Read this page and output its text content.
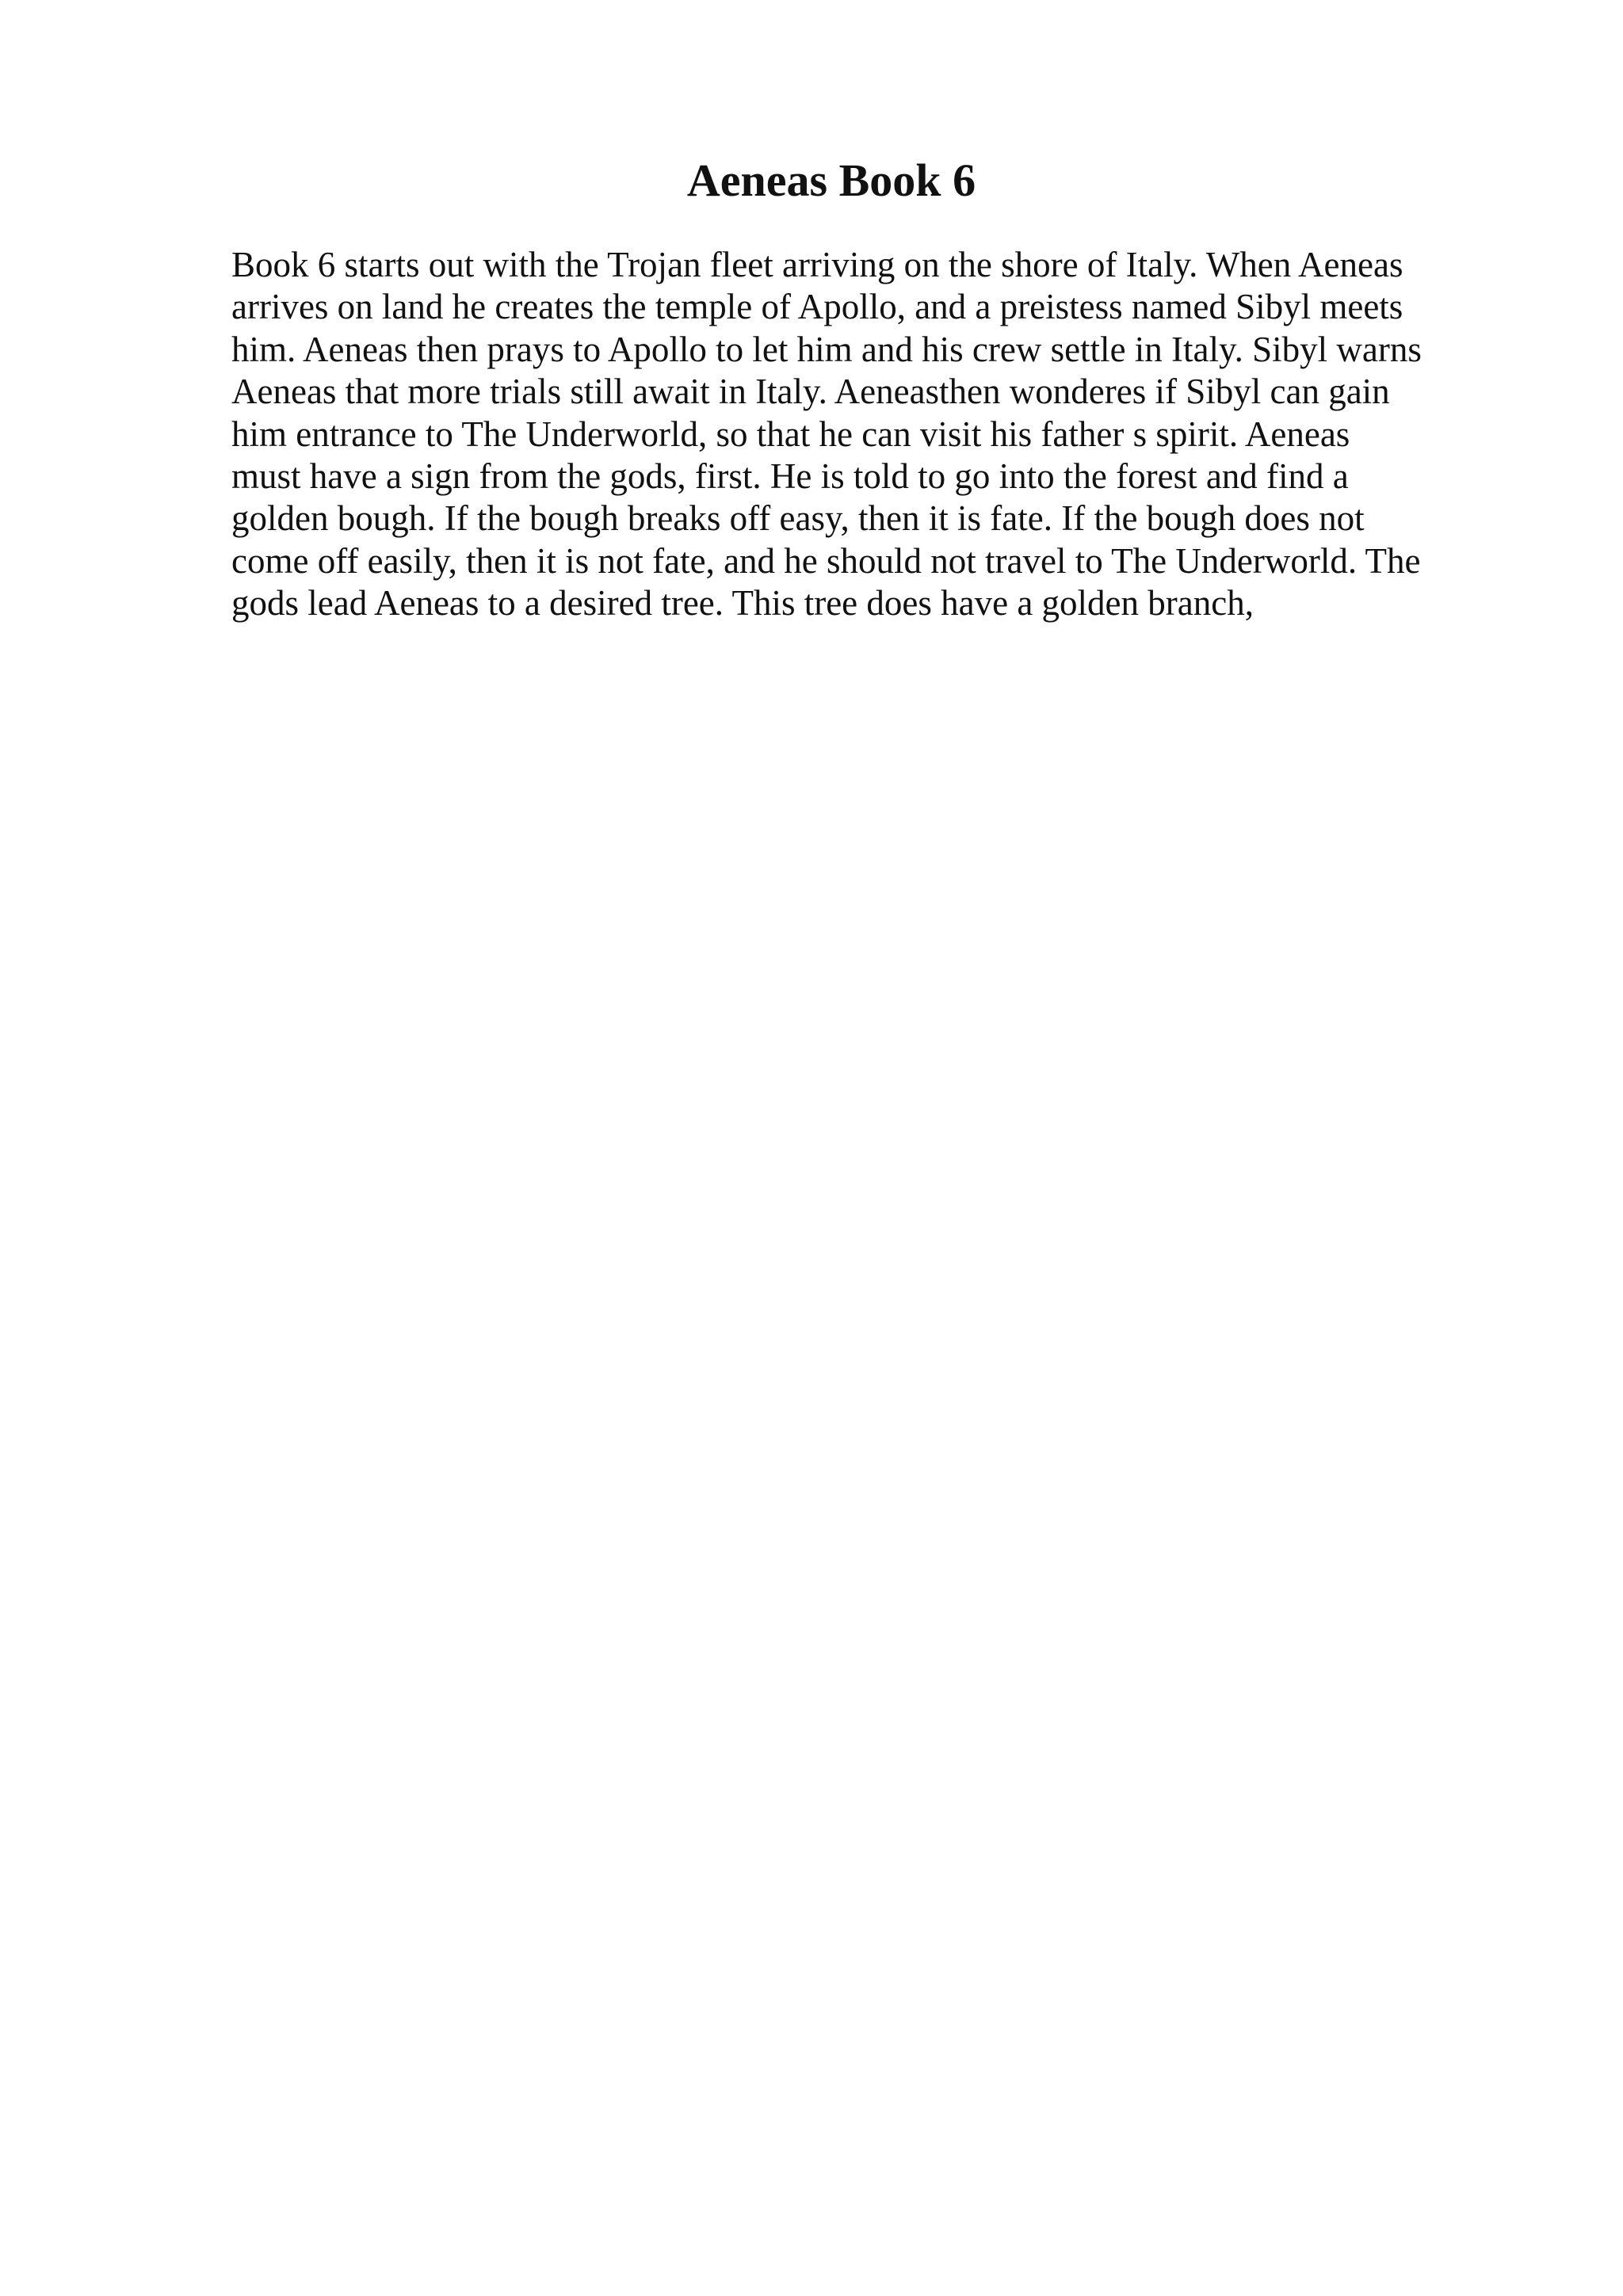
Aeneas Book 6
Book 6 starts out with the Trojan fleet arriving on the shore of Italy. When Aeneas
arrives on land he creates the temple of Apollo, and a preistess named Sibyl meets
him. Aeneas then prays to Apollo to let him and his crew settle in Italy. Sibyl warns
Aeneas that more trials still await in Italy. Aeneasthen wonderes if Sibyl can gain
him entrance to The Underworld, so that he can visit his father s spirit. Aeneas
must have a sign from the gods, first. He is told to go into the forest and find a
golden bough. If the bough breaks off easy, then it is fate. If the bough does not
come off easily, then it is not fate, and he should not travel to The Underworld. The
gods lead Aeneas to a desired tree. This tree does have a golden branch,
